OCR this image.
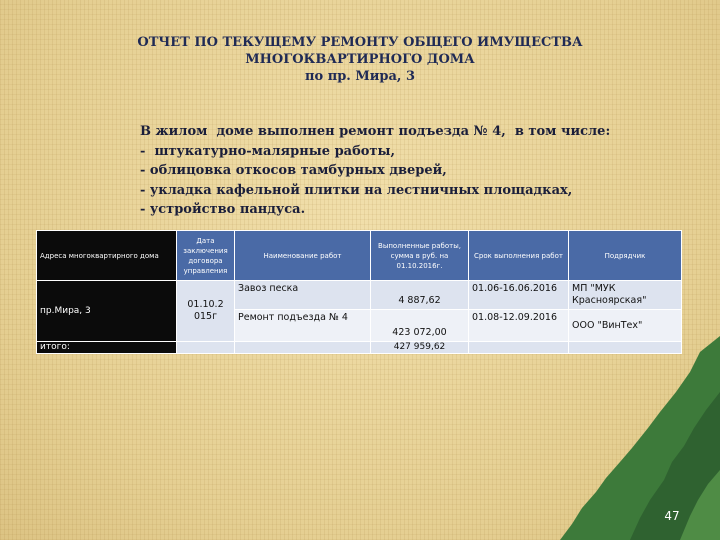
ОТЧЕТ ПО ТЕКУЩЕМУ РЕМОНТУ ОБЩЕГО ИМУЩЕСТВА
МНОГОКВАРТИРНОГО ДОМА
по пр. Мира, 3
В жилом  доме выполнен ремонт подъезда № 4,  в том числе:
-  штукатурно-малярные работы,
- облицовка откосов тамбурных дверей,
- укладка кафельной плитки на лестничных площадках,
- устройство пандуса.
Адреса многоквартирного дома	Дата заключения договора управления	Наименование работ	Выполненные работы, сумма в руб. на 01.10.2016г.	Срок выполнения работ	Подрядчик
пр.Мира, 3	01.10.2 015г	Завоз песка	4 887,62	01.06-16.06.2016	МП "МУК Красноярская"
		Ремонт подъезда № 4	423 072,00	01.08-12.09.2016	ООО "ВинТех"
итого:			427 959,62		
47
